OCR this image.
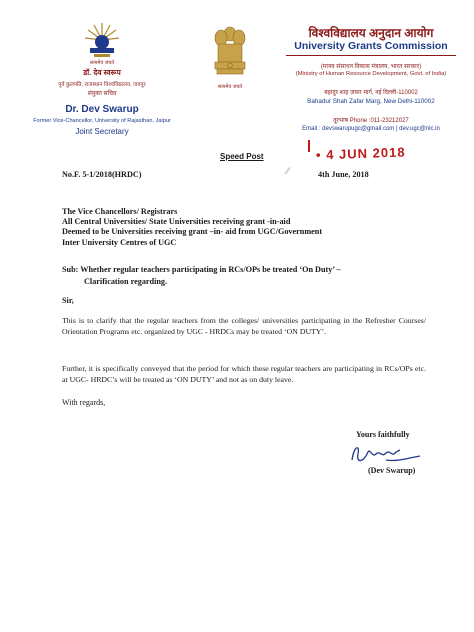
सत्यमेव जयते
डॉ. देव स्वरूप
पूर्व कुलपति, राजस्थान विश्वविद्यालय, जयपुर
संयुक्त सचिव
Dr. Dev Swarup
Former Vice-Chancellor, University of Rajasthan, Jaipur
Joint Secretary
सत्यमेव जयते
विश्वविद्यालय अनुदान आयोग
University Grants Commission
(मानव संसाधन विकास मंत्रालय, भारत सरकार)
(Ministry of Human Resource Development, Govt. of India)
बहादुर शाह ज़फ़र मार्ग, नई दिल्ली-110002
Bahadur Shah Zafar Marg, New Delhi-110002
दूरभाष Phone :011-23212027
Email : devswarupugc@gmail.com | dev.ugc@nic.in
Speed Post	• 4 JUN 2018
⁄⁄
No.F. 5-1/2018(HRDC)	4th June, 2018
The Vice Chancellors/ Registrars
All Central Universities/ State Universities receiving grant -in-aid
Deemed to be Universities receiving grant –in- aid from UGC/Government
Inter University Centres of UGC
Sub: Whether regular teachers participating in RCs/OPs be treated ‘On Duty’ –
Clarification regarding.
Sir,
This is to clarify that the regular teachers from the colleges/ universities participating in the Refresher Courses/ Orientation Programs etc. organized by UGC - HRDCs may be treated ‘ON DUTY’.
Further, it is specifically conveyed that the period for which these regular teachers are participating in RCs/OPs etc. at UGC- HRDC’s will be treated as ‘ON DUTY’ and not as on duty leave.
With regards,
Yours faithfully
(Dev Swarup)
